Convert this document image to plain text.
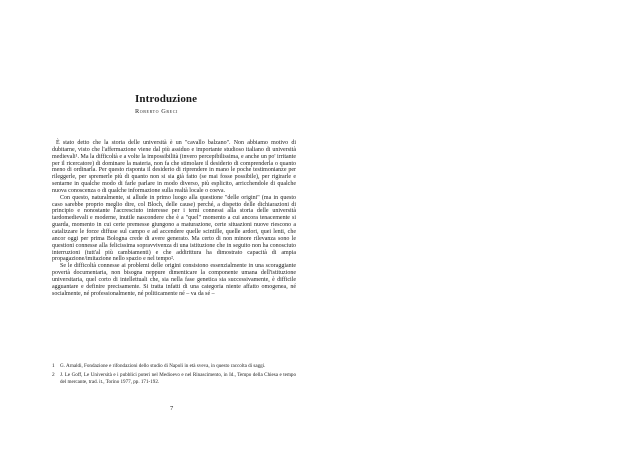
Introduzione
Roberto Greci

È stato detto che la storia delle università è un "cavallo balzano". Non abbiamo motivo di dubitarne, visto che l'affermazione viene dal più assiduo e importante studioso italiano di università medievali¹. Ma la difficoltà e a volte la impossibilità (invero percepibilissima, e anche un po' irritante per il ricercatore) di dominare la materia, non fa che stimolare il desiderio di comprenderla o quanto meno di ordinarla. Per questo risponta il desiderio di riprendere in mano le poche testimonianze per rileggerle, per spremerle più di quanto non si sia già fatto (se mai fosse possibile), per rigirarle e sentarne in qualche modo di farle parlare in modo diverso, più esplicito, arricchendole di qualche nuova conoscenza o di qualche informazione sulla realtà locale o coeva.

Con questo, naturalmente, si allude in primo luogo alla questione "delle origini" (ma in questo caso sarebbe proprio meglio dire, col Bloch, delle cause) perché, a dispetto delle dichiarazioni di principio e nonostante l'accresciuto interesse per i temi connessi alla storia delle università tardomedievali e moderne, inutile nascondere che è a "quel" momento a cui ancora tenacemente si guarda, momento in cui certe premesse giungono a maturazione, certe situazioni nuove riescono a catalizzare le forze diffuse sul campo e ad accendere quelle scintille, quelle ardori, quei lenti, che ancor oggi per prima Bologna crede di avere generato. Ma certo di non minore rilevanza sono le questioni connesse alla felicissima sopravvivenza di una istituzione che in seguito non ha conosciuto interruzioni (tutt'al più cambiamenti) e che addirittura ha dimostrato capacità di ampia propagazione/imitazione nello spazio e nel tempo².

Se le difficoltà connesse ai problemi delle origini consistono essenzialmente in una scoraggiante povertà documentaria, non bisogna neppure dimenticare la componente umana dell'istituzione universitaria, quel corto di intellettuali che, sia nella fase genetica sia successivamente, è difficile agguantare e definire precisamente. Si tratta infatti di una categoria niente affatto omogenea, né socialmente, né professionalmente, né politicamente né – va da sé –

1 G. Arnaldi, Fondazione e rifondazioni dello studio di Napoli in età sveva, in questo raccolta di saggi.
2 J. Le Goff, Le Università e i pubblici poteri nel Medioevo e nel Rinascimento, in Id., Tempo della Chiesa e tempo del mercante, trad. it., Torino 1977, pp. 171-192.
7
